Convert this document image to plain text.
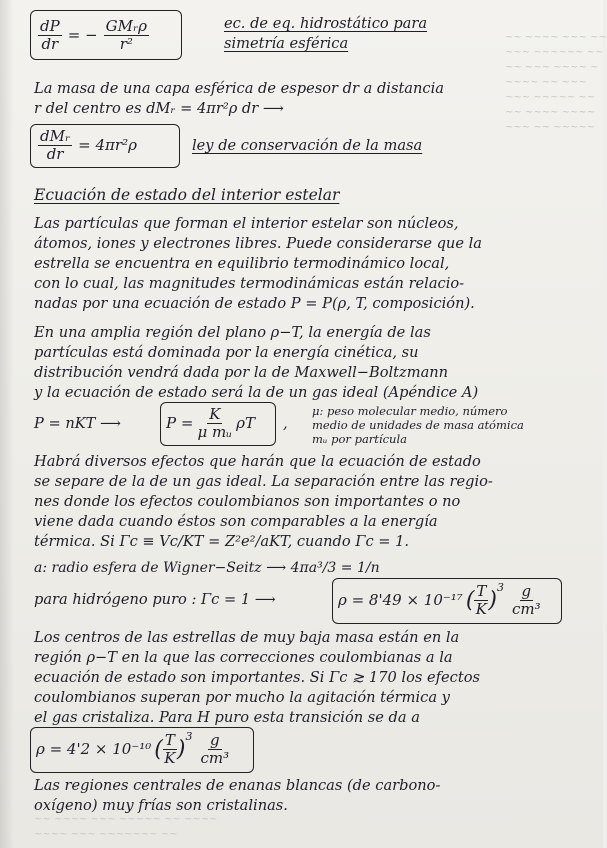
~~ ~~~~ ~~~ ~~
~~~ ~~~~~~ ~~
~~ ~~~ ~~~~ ~
~~~~ ~~ ~~~
~~~ ~~~~~ ~~
~~ ~~~~ ~~~~
~~~ ~~ ~~~~~
$\frac{dP}{dr}$ = − $\frac{\text{GMᵣρ}}{\text{r²}}$	ec. de eq. hidrostático para
simetría esférica
La masa de una capa esférica de espesor dr a distancia
r del centro es dMᵣ = 4πr²ρ dr ⟶
$\frac{\text{dMᵣ}}{dr} = 4\pi r^2\rho$	ley de conservación de la masa
Ecuación de estado del interior estelar
Las partículas que forman el interior estelar son núcleos,
átomos, iones y electrones libres. Puede considerarse que la
estrella se encuentra en equilibrio termodinámico local,
con lo cual, las magnitudes termodinámicas están relacio-
nadas por una ecuación de estado P = P(ρ, T, composición).
En una amplia región del plano ρ−T, la energía de las
partículas está dominada por la energía cinética, su
distribución vendrá dada por la de Maxwell−Boltzmann
y la ecuación de estado será la de un gas ideal (Apéndice A)
P = nKT ⟶	$P = \frac{K}{\text{μ mᵤ}}$ ρT ,
μ: peso molecular medio, número
medio de unidades de masa atómica
mᵤ por partícula
Habrá diversos efectos que harán que la ecuación de estado
se separe de la de un gas ideal. La separación entre las regio-
nes donde los efectos coulombianos son importantes o no
viene dada cuando éstos son comparables a la energía
térmica. Si Γc ≡ Vc/KT = Z²e²/aKT, cuando Γc = 1.
a: radio esfera de Wigner−Seitz ⟶ 4πa³/3 = 1/n
para hidrógeno puro : Γc = 1 ⟶	ρ = 8'49 × 10⁻¹⁷ ( $\frac{T}{K} )^3 \frac{g}{\text{cm³}}$
Los centros de las estrellas de muy baja masa están en la
región ρ−T en la que las correcciones coulombianas a la
ecuación de estado son importantes. Si Γc ≳ 170 los efectos
coulombianos superan por mucho la agitación térmica y
el gas cristaliza. Para H puro esta transición se da a
ρ = 4'2 × 10⁻¹⁰ ( $\frac{T}{K} )^3 \frac{g}{\text{cm³}}$
Las regiones centrales de enanas blancas (de carbono-
oxígeno) muy frías son cristalinas.
~~ ~~~~ ~~~ ~~~~~ ~~ ~~~~
~~~~ ~~~ ~~~~~~~ ~~
